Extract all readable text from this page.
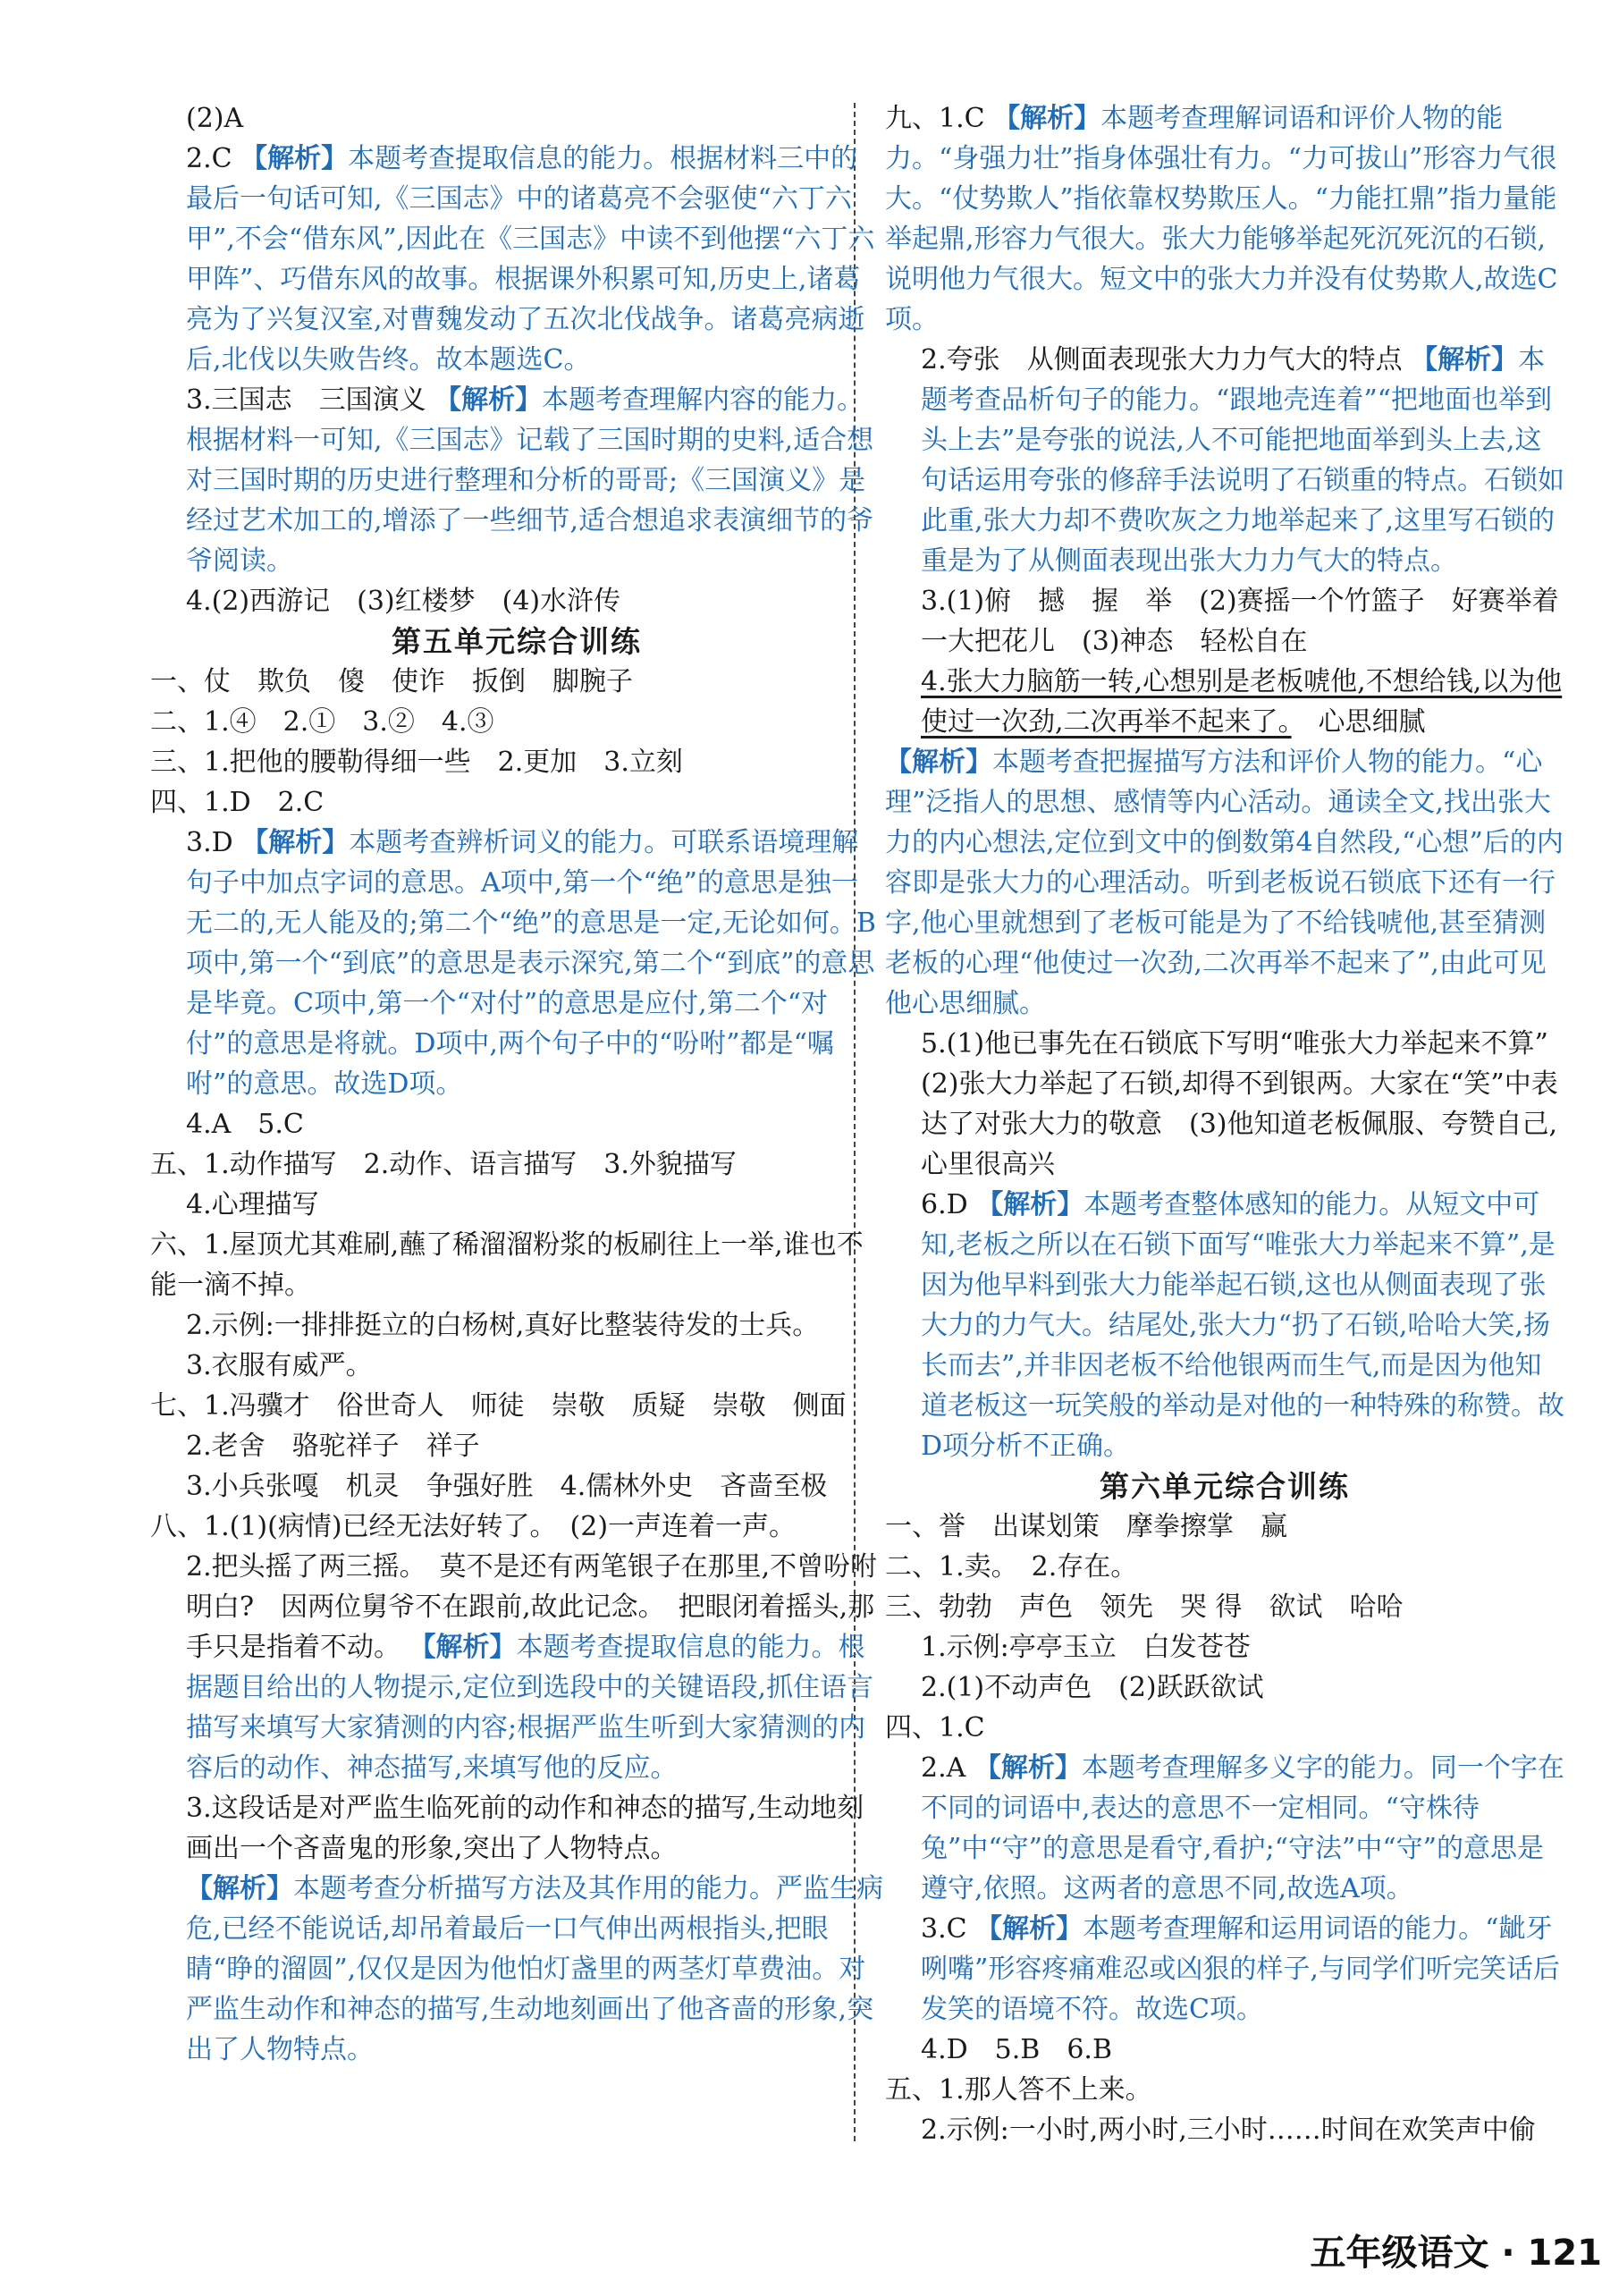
(2)A

2.C 【解析】本题考查提取信息的能力。根据材料三中的最后一句话可知,《三国志》中的诸葛亮不会驱使“六丁六甲”,不会“借东风”,因此在《三国志》中读不到他摆“六丁六甲阵”、巧借东风的故事。根据课外积累可知,历史上,诸葛亮为了兴复汉室,对曹魏发动了五次北伐战争。诸葛亮病逝后,北伐以失败告终。故本题选C。

3.三国志　三国演义 【解析】本题考查理解内容的能力。根据材料一可知,《三国志》记载了三国时期的史料,适合想对三国时期的历史进行整理和分析的哥哥;《三国演义》是经过艺术加工的,增添了一些细节,适合想追求表演细节的爷爷阅读。

4.(2)西游记　(3)红楼梦　(4)水浒传

第五单元综合训练

一、仗　欺负　傻　使诈　扳倒　脚腕子

二、1.④　2.①　3.②　4.③

三、1.把他的腰勒得细一些　2.更加　3.立刻

四、1.D　2.C

3.D 【解析】本题考查辨析词义的能力。可联系语境理解句子中加点字词的意思。A项中,第一个“绝”的意思是独一无二的,无人能及的;第二个“绝”的意思是一定,无论如何。B项中,第一个“到底”的意思是表示深究,第二个“到底”的意思是毕竟。C项中,第一个“对付”的意思是应付,第二个“对付”的意思是将就。D项中,两个句子中的“吩咐”都是“嘱咐”的意思。故选D项。

4.A　5.C

五、1.动作描写　2.动作、语言描写　3.外貌描写

4.心理描写

六、1.屋顶尤其难刷,蘸了稀溜溜粉浆的板刷往上一举,谁也不能一滴不掉。

2.示例:一排排挺立的白杨树,真好比整装待发的士兵。

3.衣服有威严。

七、1.冯骥才　俗世奇人　师徒　崇敬　质疑　崇敬　侧面

2.老舍　骆驼祥子　祥子

3.小兵张嘎　机灵　争强好胜　4.儒林外史　吝啬至极

八、1.(1)(病情)已经无法好转了。　(2)一声连着一声。

2.把头摇了两三摇。　莫不是还有两笔银子在那里,不曾吩咐明白?　因两位舅爷不在跟前,故此记念。　把眼闭着摇头,那手只是指着不动。 【解析】本题考查提取信息的能力。根据题目给出的人物提示,定位到选段中的关键语段,抓住语言描写来填写大家猜测的内容;根据严监生听到大家猜测的内容后的动作、神态描写,来填写他的反应。

3.这段话是对严监生临死前的动作和神态的描写,生动地刻画出一个吝啬鬼的形象,突出了人物特点。

【解析】本题考查分析描写方法及其作用的能力。严监生病危,已经不能说话,却吊着最后一口气伸出两根指头,把眼睛“睁的溜圆”,仅仅是因为他怕灯盏里的两茎灯草费油。对严监生动作和神态的描写,生动地刻画出了他吝啬的形象,突出了人物特点。

九、1.C 【解析】本题考查理解词语和评价人物的能力。“身强力壮”指身体强壮有力。“力可拔山”形容力气很大。“仗势欺人”指依靠权势欺压人。“力能扛鼎”指力量能举起鼎,形容力气很大。张大力能够举起死沉死沉的石锁,说明他力气很大。短文中的张大力并没有仗势欺人,故选C项。

2.夸张　从侧面表现张大力力气大的特点 【解析】本题考查品析句子的能力。“跟地壳连着”“把地面也举到头上去”是夸张的说法,人不可能把地面举到头上去,这句话运用夸张的修辞手法说明了石锁重的特点。石锁如此重,张大力却不费吹灰之力地举起来了,这里写石锁的重是为了从侧面表现出张大力力气大的特点。

3.(1)俯　撼　握　举　(2)赛摇一个竹篮子　好赛举着一大把花儿　(3)神态　轻松自在

4.张大力脑筋一转,心想别是老板唬他,不想给钱,以为他使过一次劲,二次再举不起来了。　心思细腻

【解析】本题考查把握描写方法和评价人物的能力。“心理”泛指人的思想、感情等内心活动。通读全文,找出张大力的内心想法,定位到文中的倒数第4自然段,“心想”后的内容即是张大力的心理活动。听到老板说石锁底下还有一行字,他心里就想到了老板可能是为了不给钱唬他,甚至猜测老板的心理“他使过一次劲,二次再举不起来了”,由此可见他心思细腻。

5.(1)他已事先在石锁底下写明“唯张大力举起来不算”　(2)张大力举起了石锁,却得不到银两。大家在“笑”中表达了对张大力的敬意　(3)他知道老板佩服、夸赞自己,心里很高兴

6.D 【解析】本题考查整体感知的能力。从短文中可知,老板之所以在石锁下面写“唯张大力举起来不算”,是因为他早料到张大力能举起石锁,这也从侧面表现了张大力的力气大。结尾处,张大力“扔了石锁,哈哈大笑,扬长而去”,并非因老板不给他银两而生气,而是因为他知道老板这一玩笑般的举动是对他的一种特殊的称赞。故D项分析不正确。

第六单元综合训练

一、誉　出谋划策　摩拳擦掌　赢

二、1.卖。　2.存在。

三、勃勃　声色　领先　哭 得　欲试　哈哈

1.示例:亭亭玉立　白发苍苍

2.(1)不动声色　(2)跃跃欲试

四、1.C

2.A 【解析】本题考查理解多义字的能力。同一个字在不同的词语中,表达的意思不一定相同。“守株待兔”中“守”的意思是看守,看护;“守法”中“守”的意思是遵守,依照。这两者的意思不同,故选A项。

3.C 【解析】本题考查理解和运用词语的能力。“龇牙咧嘴”形容疼痛难忍或凶狠的样子,与同学们听完笑话后发笑的语境不符。故选C项。

4.D　5.B　6.B

五、1.那人答不上来。

2.示例:一小时,两小时,三小时……时间在欢笑声中偷

五年级语文 · 121
